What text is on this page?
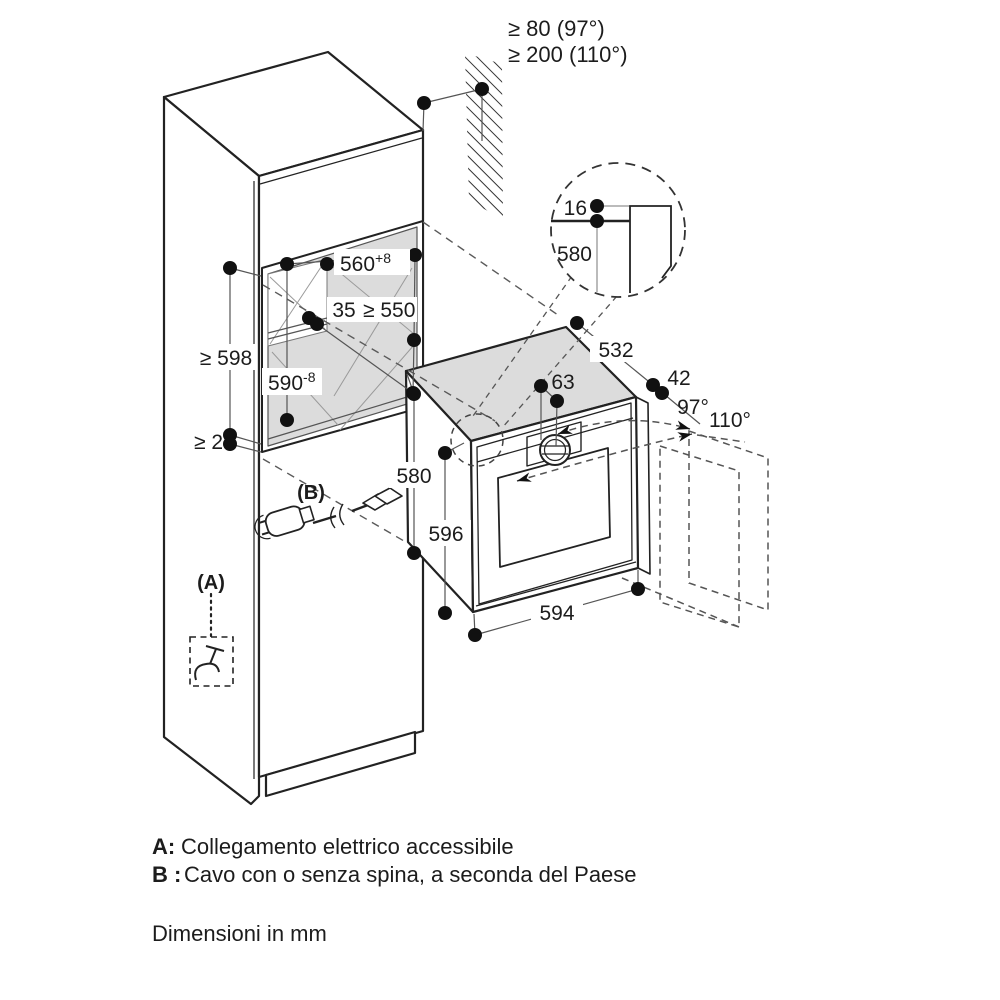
16
580
≥ 80 (97°)
≥ 200 (110°)
$560^{+8}$
35 ≥ 550
≥ 598
$590^{-8}$
≥ 2
532
42
63
97°
110°
580
596
594
(A)
(B)
A: Collegamento elettrico accessibile
B : Cavo con o senza spina, a seconda del Paese
Dimensioni in mm
